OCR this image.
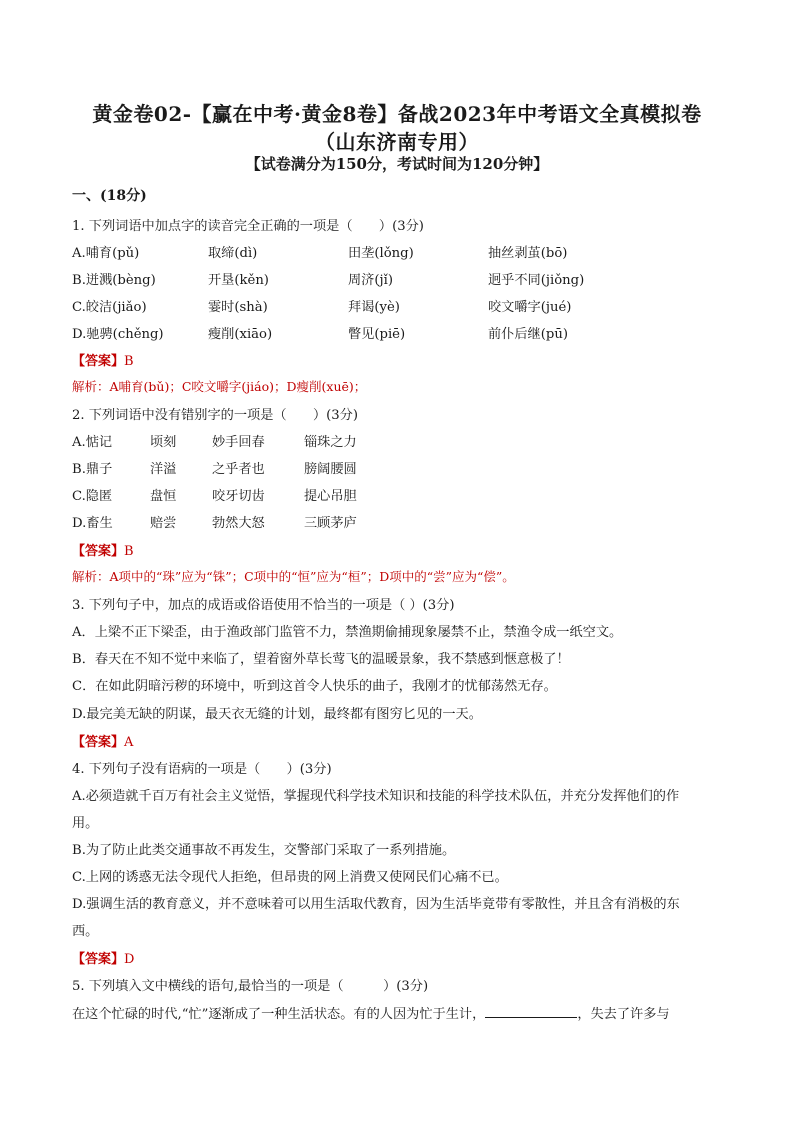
黄金卷02-【赢在中考·黄金8卷】备战2023年中考语文全真模拟卷
（山东济南专用）
【试卷满分为150分，考试时间为120分钟】
一、(18分)
1. 下列词语中加点字的读音完全正确的一项是（　　）(3分)
A.哺育(pǔ)	取缔(dì)	田垄(lǒng)	抽丝剥茧(bō)
B.迸溅(bèng)	开垦(kěn)	周济(jǐ)	迥乎不同(jiǒng)
C.皎洁(jiǎo)	霎时(shà)	拜谒(yè)	咬文嚼字(jué)
D.驰骋(chěng)	瘦削(xiāo)	瞥见(piē)	前仆后继(pū)
【答案】B
解析：A哺育(bǔ)；C咬文嚼字(jiáo)；D瘦削(xuē)；
2. 下列词语中没有错别字的一项是（　　）(3分)
A.惦记	顷刻	妙手回春	锱珠之力
B.鼎子	洋溢	之乎者也	膀阔腰圆
C.隐匿	盘恒	咬牙切齿	提心吊胆
D.畜生	赔尝	勃然大怒	三顾茅庐
【答案】B
解析：A项中的“珠”应为“铢”；C项中的“恒”应为“桓”；D项中的“尝”应为“偿”。
3. 下列句子中，加点的成语或俗语使用不恰当的一项是（ ）(3分)
A．上梁不正下梁歪，由于渔政部门监管不力，禁渔期偷捕现象屡禁不止，禁渔令成一纸空文。
B．春天在不知不觉中来临了，望着窗外草长莺飞的温暖景象，我不禁感到惬意极了！
C．在如此阴暗污秽的环境中，听到这首令人快乐的曲子，我刚才的忧郁荡然无存。
D.最完美无缺的阴谋，最天衣无缝的计划，最终都有图穷匕见的一天。
【答案】A
4. 下列句子没有语病的一项是（　　）(3分)
A.必须造就千百万有社会主义觉悟，掌握现代科学技术知识和技能的科学技术队伍，并充分发挥他们的作
用。
B.为了防止此类交通事故不再发生，交警部门采取了一系列措施。
C.上网的诱惑无法令现代人拒绝，但昂贵的网上消费又使网民们心痛不已。
D.强调生活的教育意义，并不意味着可以用生活取代教育，因为生活毕竟带有零散性，并且含有消极的东
西。
【答案】D
5. 下列填入文中横线的语句,最恰当的一项是（　　　）(3分)
在这个忙碌的时代,“忙”逐渐成了一种生活状态。有的人因为忙于生计，	，失去了许多与
